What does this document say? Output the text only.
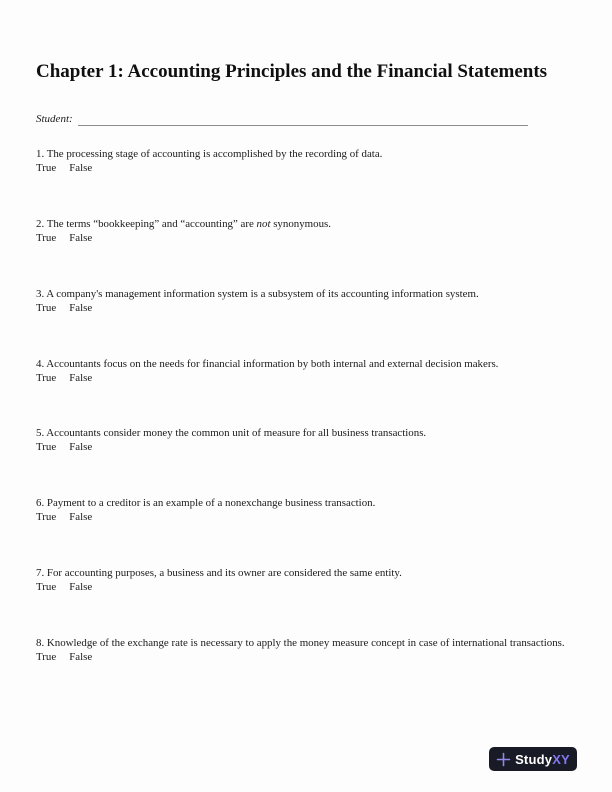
Chapter 1: Accounting Principles and the Financial Statements
Student:
1. The processing stage of accounting is accomplished by the recording of data.
True False
2. The terms “bookkeeping” and “accounting” are not synonymous.
True False
3. A company's management information system is a subsystem of its accounting information system.
True False
4. Accountants focus on the needs for financial information by both internal and external decision makers.
True False
5. Accountants consider money the common unit of measure for all business transactions.
True False
6. Payment to a creditor is an example of a nonexchange business transaction.
True False
7. For accounting purposes, a business and its owner are considered the same entity.
True False
8. Knowledge of the exchange rate is necessary to apply the money measure concept in case of international transactions.
True False
StudyXY
